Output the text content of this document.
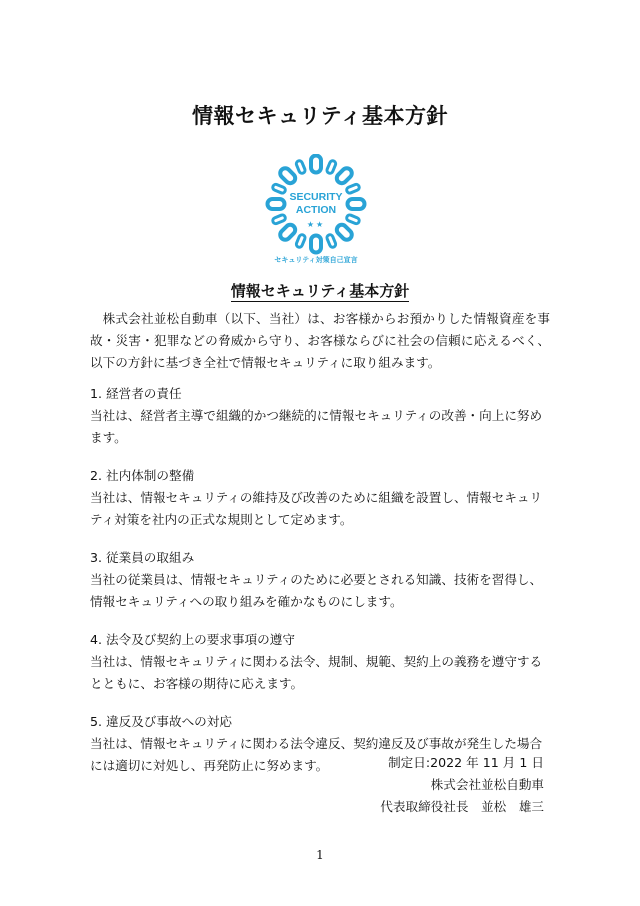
情報セキュリティ基本方針
SECURITY
ACTION
★★
セキュリティ対策自己宣言
情報セキュリティ基本方針
株式会社並松自動車（以下、当社）は、お客様からお預かりした情報資産を事故・災害・犯罪などの脅威から守り、お客様ならびに社会の信頼に応えるべく、以下の方針に基づき全社で情報セキュリティに取り組みます。
1. 経営者の責任
当社は、経営者主導で組織的かつ継続的に情報セキュリティの改善・向上に努めます。
2. 社内体制の整備
当社は、情報セキュリティの維持及び改善のために組織を設置し、情報セキュリティ対策を社内の正式な規則として定めます。
3. 従業員の取組み
当社の従業員は、情報セキュリティのために必要とされる知識、技術を習得し、情報セキュリティへの取り組みを確かなものにします。
4. 法令及び契約上の要求事項の遵守
当社は、情報セキュリティに関わる法令、規制、規範、契約上の義務を遵守するとともに、お客様の期待に応えます。
5. 違反及び事故への対応
当社は、情報セキュリティに関わる法令違反、契約違反及び事故が発生した場合には適切に対処し、再発防止に努めます。	制定日:2022 年 11 月 1 日
株式会社並松自動車
代表取締役社長　並松　雄三
1
